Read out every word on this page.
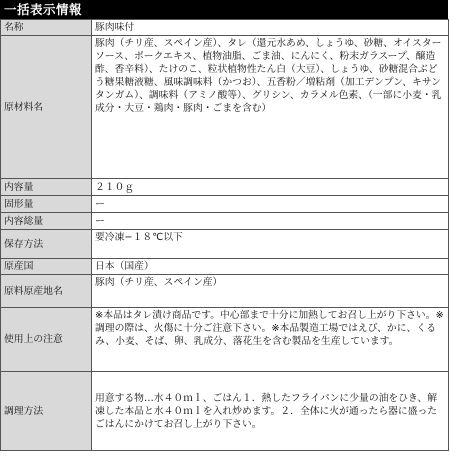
一括表示情報
名称	豚肉味付
原材料名	豚肉（チリ産、スペイン産）、タレ（還元水あめ、しょうゆ、砂糖、オイスターソース、ポークエキス、植物油脂、ごま油、にんにく、粉末ガラスープ、醸造酢、香辛料）、たけのこ、粒状植物性たん白（大豆）、しょうゆ、砂糖混合ぶどう糖果糖液糖、風味調味料（かつお）、五香粉／増粘剤（加工デンプン、キサンタンガム）、調味料（アミノ酸等）、グリシン、カラメル色素、（一部に小麦・乳成分・大豆・鶏肉・豚肉・ごまを含む）

内容量	２１０ｇ
固形量	ー
内容総量	ー
保存方法	要冷凍−１８℃以下
原産国	日本（国産）
原料原産地名	豚肉（チリ産、スペイン産）
使用上の注意	※本品はタレ漬け商品です。中心部まで十分に加熱してお召し上がり下さい。※調理の際は、火傷に十分ご注意下さい。※本品製造工場ではえび、かに、くるみ、小麦、そば、卵、乳成分、落花生を含む製品を生産しています。

調理方法	用意する物…水４０ｍｌ、ごはん１．熱したフライパンに少量の油をひき、解凍した本品と水４０ｍｌを入れ炒めます。２．全体に火が通ったら器に盛ったごはんにかけてお召し上がり下さい。
